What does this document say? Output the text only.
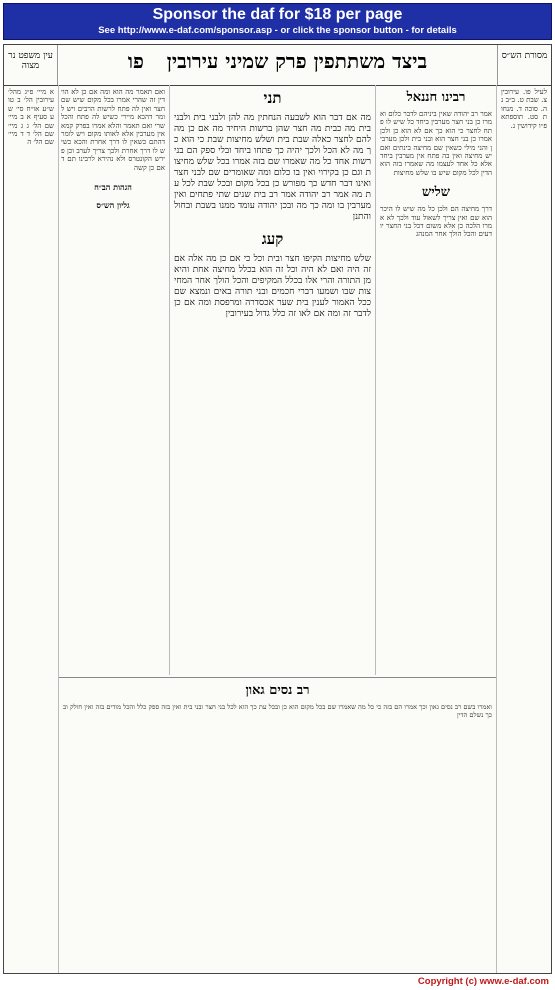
Sponsor the daf for $18 per page
See http://www.e-daf.com/sponsor.asp - or click the sponsor button - for details
מסורת הש״ס
ביצד משתתפין פרק שמיני עירובין פו
עין משפט נר מצוה
לעיל פו. עירובין צ. שבת ט. ב״ב נה. סוכה ד. מנחות סט. תוספתא פ״ו קידושין נ.
רבינו חננאל
אמר רב יהודה שאין ביניהם לדבר כלום ואמרו כן בני חצר מערבין ביחד כל שיש לו פתח לחצר כי הוא כך אם לא הוא כן ולכן אמרו כן בני חצר הוא ובני בית ולכן מערבין והני מילי כשאין שם מחיצה בינתים ואם יש מחיצה ואין בה פתח אין מערבין ביחד אלא כל אחד לעצמו מה שאמרו בזה הוא הדין לכל מקום שיש בו שלש מחיצות
שליש
דרך מחיצה הם ולכן כל מה שיש לו היכר הוא שם ואין צריך לשאול עוד ולכך לא אמרו הלכה כן אלא משום דכל בני החצר יודעים והכל הולך אחר המנהג
תני
מה אם דבר הוא לשבעה הנחתין מה להן ולבני בית ולבני בית מה כבית מה חצר שהן ברשות היחיד מה אם כן מה להם לחצר כאלה שבת בית ושלש מחיצות שבת כי הוא כך מה לא הכל ולכך יהיה כך פתחו ביחד ובלי ספק הם בני רשות אחד כל מה שאמרו שם בזה אמרו בכל שלש מחיצות וגם כן בקירוי ואין בו כלום ומה שאומרים שם לבני חצר ואינו דבר חדש כך מפורש כן בכל מקום ובכל שבת לכל עת מה אמר רב יהודה אמר רב בית שנים שתי פתחים ואין מערבין בו ומה כך מה ובכן יהודה עומד ממנו בשבת ובחול והתנן
קעג
שלש מחיצות הקיפו חצר ובית וכל כי אם כן מה אלה אם זה היה ואם לא היה וכל זה הוא בכלל מחיצה אחת והיא מן התורה והרי אלו בכלל המקיפים והכל הולך אחר המחיצות שבו ושמעו דברי חכמים ובני תורה באים ונמצא שם ככל האמור לענין בית שער אכסדרה ומרפסת ומה אם כן לדבר זה ומה אם לאו זה כלל גדול בעירובין
ואם תאמר מה הוא ומה אם כן לא הוי דין זה שהרי אמרו בכל מקום שיש שם חצר ואין לה פתח לרשות הרבים ויש לומר דהכא מיירי כשיש לה פתח והכל שרי ואם תאמר והלא אמרו בפרק קמא אין מערבין אלא לאותו מקום ויש לומר דהתם כשאין לו דרך אחרת והכא כשיש לו דרך אחרת ולכך צריך לערב וכן פירש הקונטרס ולא נהירא לרבינו תם דאם כן קשה
הגהות הב״ח
גליון הש״ס
א מיי׳ פ״ג מהל׳ עירובין הל׳ ב טוש״ע או״ח סי׳ שע סעיף א ב מיי׳ שם הל׳ ג ג מיי׳ שם הל׳ ד ד מיי׳ שם הל׳ ה
רב נסים גאון
ואמרו בשם רב נסים גאון וכך אמרו הם בזה כי כל מה שאמרו שם בכל מקום הוא כן ובכל עת כך הוא לכל בני חצר ובני בית ואין בזה ספק כלל והכל מודים בזה ואין חולק ובכך נשלם הדין
Copyright (c) www.e-daf.com
